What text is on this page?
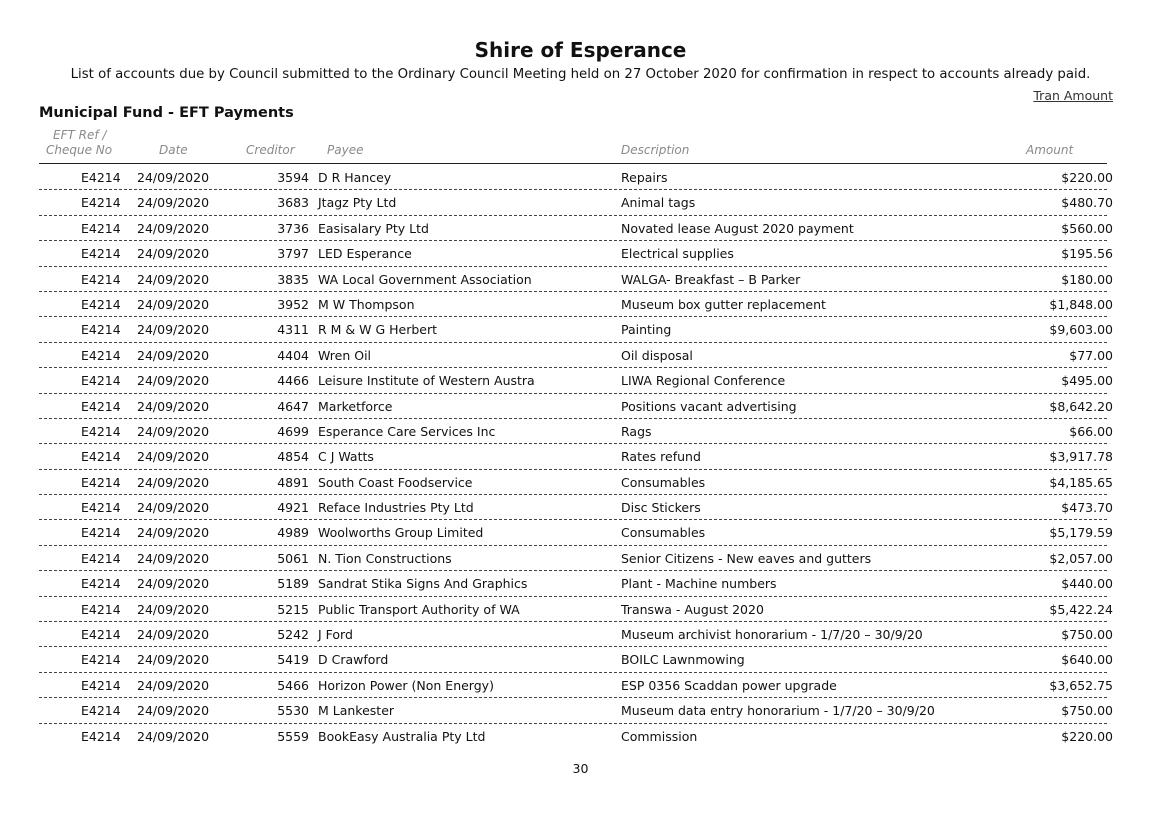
Shire of Esperance

List of accounts due by Council submitted to the Ordinary Council Meeting held on 27 October 2020 for confirmation in respect to accounts already paid.

Tran Amount
Municipal Fund - EFT Payments
EFT Ref /
Cheque No	Date	Creditor	Payee	Description	Amount
E4214 24/09/2020	3594 D R Hancey	Repairs	$220.00
E4214 24/09/2020	3683 Jtagz Pty Ltd	Animal tags	$480.70
E4214 24/09/2020	3736 Easisalary Pty Ltd	Novated lease August 2020 payment	$560.00
E4214 24/09/2020	3797 LED Esperance	Electrical supplies	$195.56
E4214 24/09/2020	3835 WA Local Government Association	WALGA- Breakfast – B Parker	$180.00
E4214 24/09/2020	3952 M W Thompson	Museum box gutter replacement	$1,848.00
E4214 24/09/2020	4311 R M & W G Herbert	Painting	$9,603.00
E4214 24/09/2020	4404 Wren Oil	Oil disposal	$77.00
E4214 24/09/2020	4466 Leisure Institute of Western Austra	LIWA Regional Conference	$495.00
E4214 24/09/2020	4647 Marketforce	Positions vacant advertising	$8,642.20
E4214 24/09/2020	4699 Esperance Care Services Inc	Rags	$66.00
E4214 24/09/2020	4854 C J Watts	Rates refund	$3,917.78
E4214 24/09/2020	4891 South Coast Foodservice	Consumables	$4,185.65
E4214 24/09/2020	4921 Reface Industries Pty Ltd	Disc Stickers	$473.70
E4214 24/09/2020	4989 Woolworths Group Limited	Consumables	$5,179.59
E4214 24/09/2020	5061 N. Tion Constructions	Senior Citizens - New eaves and gutters	$2,057.00
E4214 24/09/2020	5189 Sandrat Stika Signs And Graphics	Plant - Machine numbers	$440.00
E4214 24/09/2020	5215 Public Transport Authority of WA	Transwa - August 2020	$5,422.24
E4214 24/09/2020	5242 J Ford	Museum archivist honorarium - 1/7/20 – 30/9/20	$750.00
E4214 24/09/2020	5419 D Crawford	BOILC Lawnmowing	$640.00
E4214 24/09/2020	5466 Horizon Power (Non Energy)	ESP 0356 Scaddan power upgrade	$3,652.75
E4214 24/09/2020	5530 M Lankester	Museum data entry honorarium - 1/7/20 – 30/9/20	$750.00
E4214 24/09/2020	5559 BookEasy Australia Pty Ltd	Commission	$220.00
30
